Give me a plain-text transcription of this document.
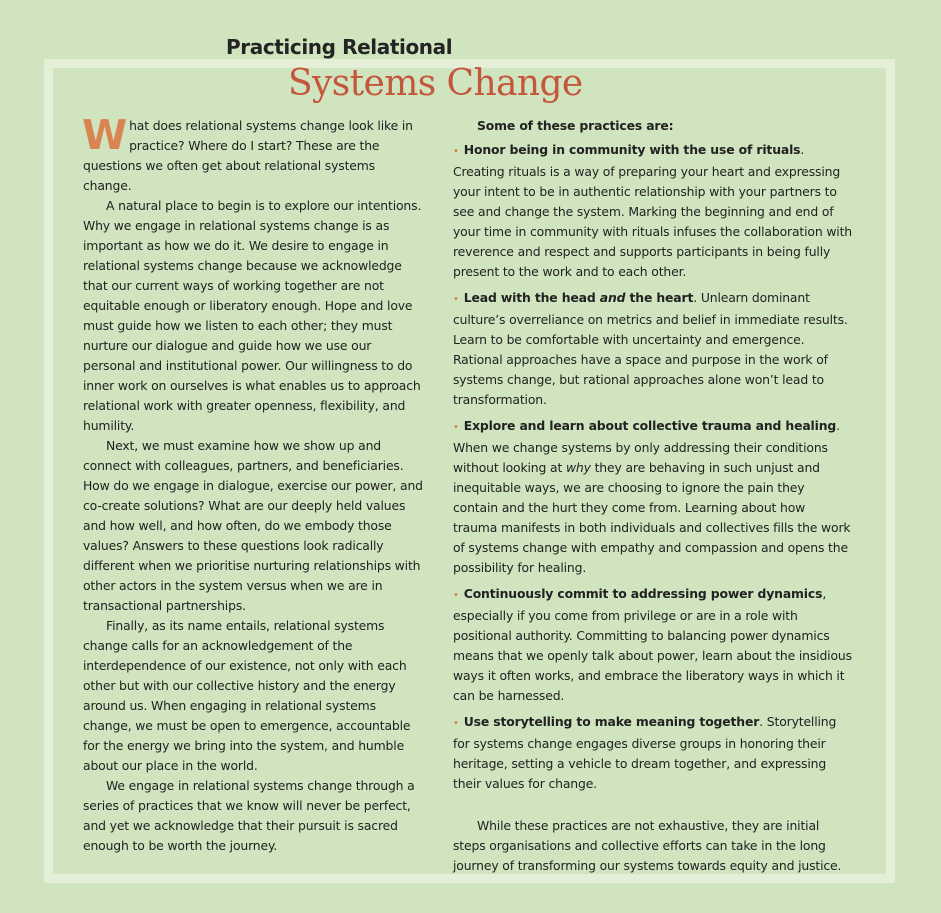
Practicing Relational
Systems Change

What does relational systems change look like in practice? Where do I start? These are the questions we often get about relational systems change.

A natural place to begin is to explore our intentions. Why we engage in relational systems change is as important as how we do it. We desire to engage in relational systems change because we acknowledge that our current ways of working together are not equitable enough or liberatory enough. Hope and love must guide how we listen to each other; they must nurture our dialogue and guide how we use our personal and institutional power. Our willingness to do inner work on ourselves is what enables us to approach relational work with greater openness, flexibility, and humility.

Next, we must examine how we show up and connect with colleagues, partners, and beneficiaries. How do we engage in dialogue, exercise our power, and co-create solutions? What are our deeply held values and how well, and how often, do we embody those values? Answers to these questions look radically different when we prioritise nurturing relationships with other actors in the system versus when we are in transactional partnerships.

Finally, as its name entails, relational systems change calls for an acknowledgement of the interdependence of our existence, not only with each other but with our collective history and the energy around us. When engaging in relational systems change, we must be open to emergence, accountable for the energy we bring into the system, and humble about our place in the world.

We engage in relational systems change through a series of practices that we know will never be perfect, and yet we acknowledge that their pursuit is sacred enough to be worth the journey.

Some of these practices are:

• Honor being in community with the use of rituals. Creating rituals is a way of preparing your heart and expressing your intent to be in authentic relationship with your partners to see and change the system. Marking the beginning and end of your time in community with rituals infuses the collaboration with reverence and respect and supports participants in being fully present to the work and to each other.

• Lead with the head and the heart. Unlearn dominant culture’s overreliance on metrics and belief in immediate results. Learn to be comfortable with uncertainty and emergence. Rational approaches have a space and purpose in the work of systems change, but rational approaches alone won’t lead to transformation.

• Explore and learn about collective trauma and healing. When we change systems by only addressing their conditions without looking at why they are behaving in such unjust and inequitable ways, we are choosing to ignore the pain they contain and the hurt they come from. Learning about how trauma manifests in both individuals and collectives fills the work of systems change with empathy and compassion and opens the possibility for healing.

• Continuously commit to addressing power dynamics, especially if you come from privilege or are in a role with positional authority. Committing to balancing power dynamics means that we openly talk about power, learn about the insidious ways it often works, and embrace the liberatory ways in which it can be harnessed.

• Use storytelling to make meaning together. Storytelling for systems change engages diverse groups in honoring their heritage, setting a vehicle to dream together, and expressing their values for change.

While these practices are not exhaustive, they are initial steps organisations and collective efforts can take in the long journey of transforming our systems towards equity and justice.
